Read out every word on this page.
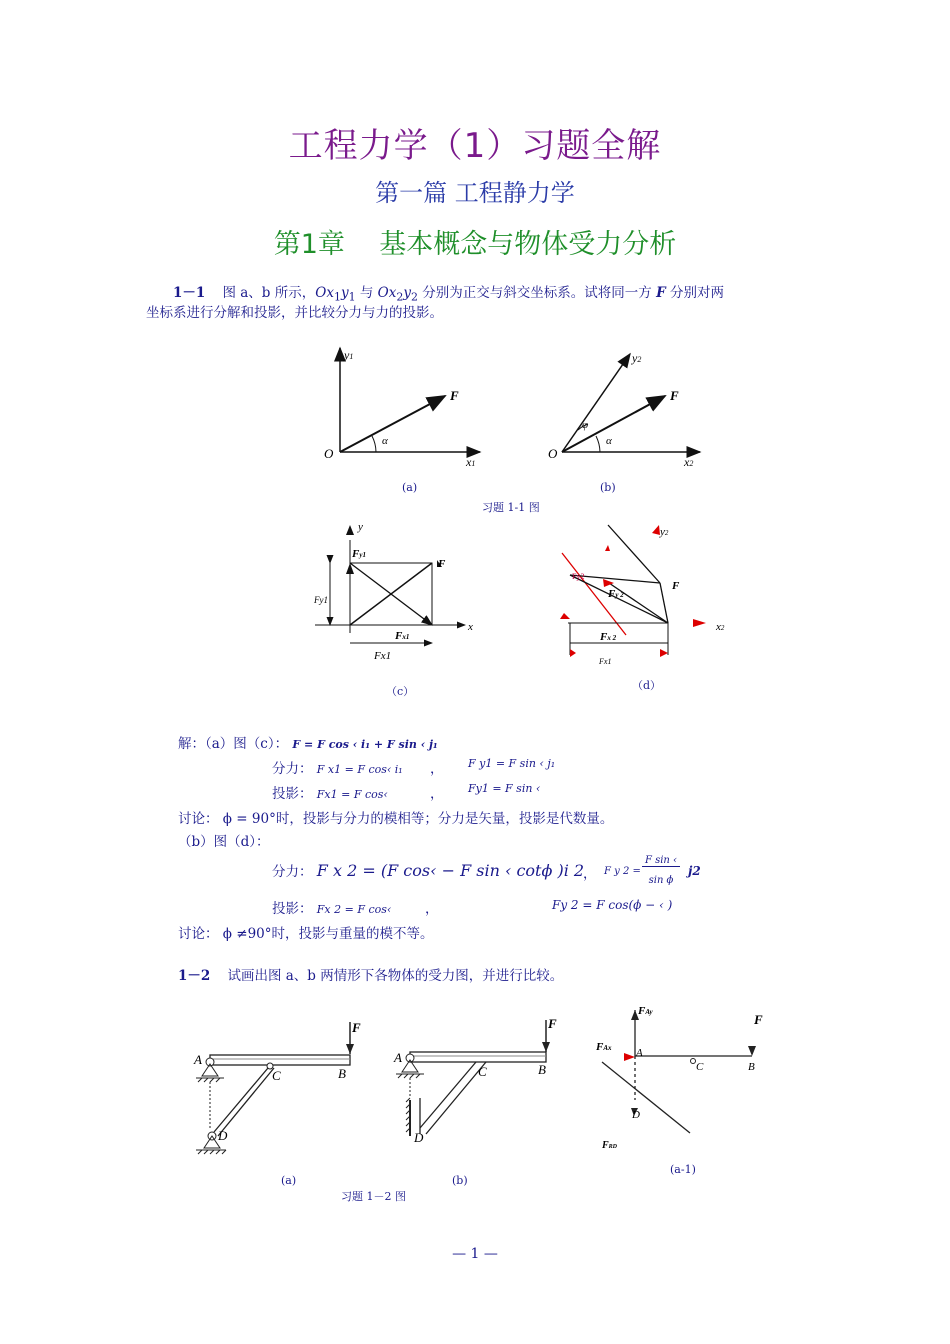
工程力学（1）习题全解
第一篇 工程静力学
第1章 基本概念与物体受力分析
1－1 图 a、b 所示，$Ox_1y_1$ 与 $Ox_2y_2$ 分别为正交与斜交坐标系。试将同一方 F 分别对两
坐标系进行分解和投影，并比较分力与力的投影。
O
y1
x1
F
α
O
y2
x2
F
α
φ
(a)	(b)
习题 1-1 图
y
Fy1
F
Fy1
x
Fx1
Fx1
（c）
y2
x2
Fy2
Fy 2
F
Fx 2
Fx1
（d）
解：（a）图（c）： F = F cos ‹ i₁ + F sin ‹ j₁
分力： F x1 = F cos‹ i₁ ， F y1 = F sin ‹ j₁
投影： Fx1 = F cos‹	， Fy1 = F sin ‹
讨论： ϕ = 90°时，投影与分力的模相等；分力是矢量，投影是代数量。
（b）图（d）：
分力： F x 2 = (F cos‹ − F sin ‹ cotϕ )i 2
， F y 2 =
F sin ‹
sin ϕ
j2
投影： Fx 2 = F cos‹ ，	Fy 2 = F cos(ϕ − ‹ )
讨论： ϕ ≠90°时，投影与重量的模不等。
1－2 试画出图 a、b 两情形下各物体的受力图，并进行比较。
A
B
C
D
F
A
B
C
D
F
FAy	F
FAx A
C	B
D
FRD
(a)	(b)
(a-1)
习题 1－2 图
— 1 —
